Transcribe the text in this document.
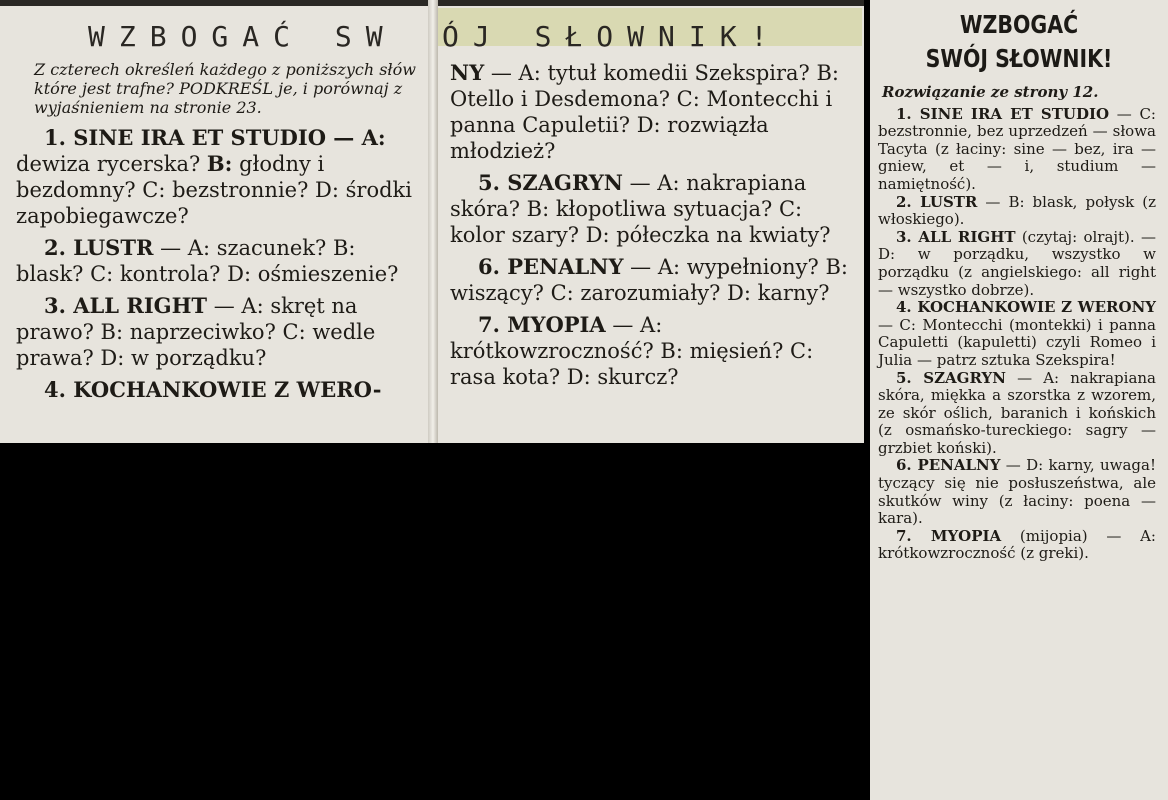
WZBOGAĆ SW ÓJ SŁOWNIK!

Z czterech określeń każdego z poniższych słów które jest trafne? PODKREŚL je, i porównaj z wyjaśnieniem na stronie 23.

1. SINE IRA ET STUDIO — A: dewiza rycerska? B: głodny i bezdomny? C: bezstronnie? D: środki zapobiegawcze?

2. LUSTR — A: szacunek? B: blask? C: kontrola? D: ośmieszenie?

3. ALL RIGHT — A: skręt na prawo? B: naprzeciwko? C: wedle prawa? D: w porządku?

4. KOCHANKOWIE Z WERO-

NY — A: tytuł komedii Szekspira? B: Otello i Desdemona? C: Montecchi i panna Capuletii? D: rozwiązła młodzież?

5. SZAGRYN — A: nakrapiana skóra? B: kłopotliwa sytuacja? C: kolor szary? D: półeczka na kwiaty?

6. PENALNY — A: wypełniony? B: wiszący? C: zarozumiały? D: karny?

7. MYOPIA — A: krótkowzroczność? B: mięsień? C: rasa kota? D: skurcz?

WZBOGAĆ
SWÓJ SŁOWNIK!

Rozwiązanie ze strony 12.

1. SINE IRA ET STUDIO — C: bezstronnie, bez uprzedzeń — słowa Tacyta (z łaciny: sine — bez, ira — gniew, et — i, studium — namiętność).

2. LUSTR — B: blask, połysk (z włoskiego).

3. ALL RIGHT (czytaj: olrajt). — D: w porządku, wszystko w porządku (z angielskiego: all right — wszystko dobrze).

4. KOCHANKOWIE Z WERONY — C: Montecchi (montekki) i panna Capuletti (kapuletti) czyli Romeo i Julia — patrz sztuka Szekspira!

5. SZAGRYN — A: nakrapiana skóra, miękka a szorstka z wzorem, ze skór oślich, baranich i końskich (z osmańsko-tureckiego: sagry — grzbiet koński).

6. PENALNY — D: karny, uwaga! tyczący się nie posłuszeństwa, ale skutków winy (z łaciny: poena — kara).

7. MYOPIA (mijopia) — A: krótkowzroczność (z greki).
